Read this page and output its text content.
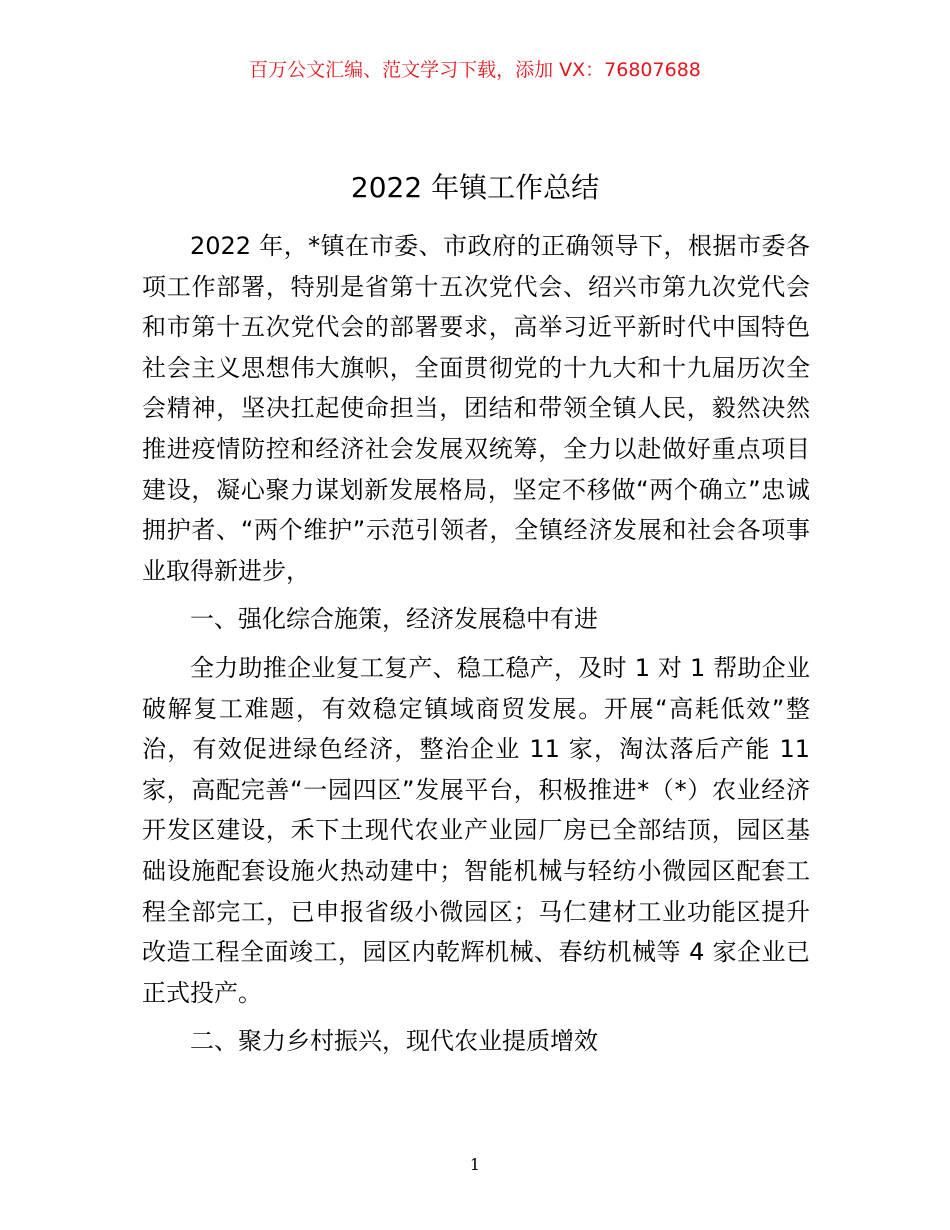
百万公文汇编、范文学习下载，添加 VX：76807688
2022 年镇工作总结

2022 年，*镇在市委、市政府的正确领导下，根据市委各项工作部署，特别是省第十五次党代会、绍兴市第九次党代会和市第十五次党代会的部署要求，高举习近平新时代中国特色社会主义思想伟大旗帜，全面贯彻党的十九大和十九届历次全会精神，坚决扛起使命担当，团结和带领全镇人民，毅然决然推进疫情防控和经济社会发展双统筹，全力以赴做好重点项目建设，凝心聚力谋划新发展格局，坚定不移做“两个确立”忠诚拥护者、“两个维护”示范引领者，全镇经济发展和社会各项事业取得新进步，

一、强化综合施策，经济发展稳中有进

全力助推企业复工复产、稳工稳产，及时 1 对 1 帮助企业破解复工难题，有效稳定镇域商贸发展。开展“高耗低效”整治，有效促进绿色经济，整治企业 11 家，淘汰落后产能 11 家，高配完善“一园四区”发展平台，积极推进*（*）农业经济开发区建设，禾下土现代农业产业园厂房已全部结顶，园区基础设施配套设施火热动建中；智能机械与轻纺小微园区配套工程全部完工，已申报省级小微园区；马仁建材工业功能区提升改造工程全面竣工，园区内乾辉机械、春纺机械等 4 家企业已正式投产。

二、聚力乡村振兴，现代农业提质增效

1
